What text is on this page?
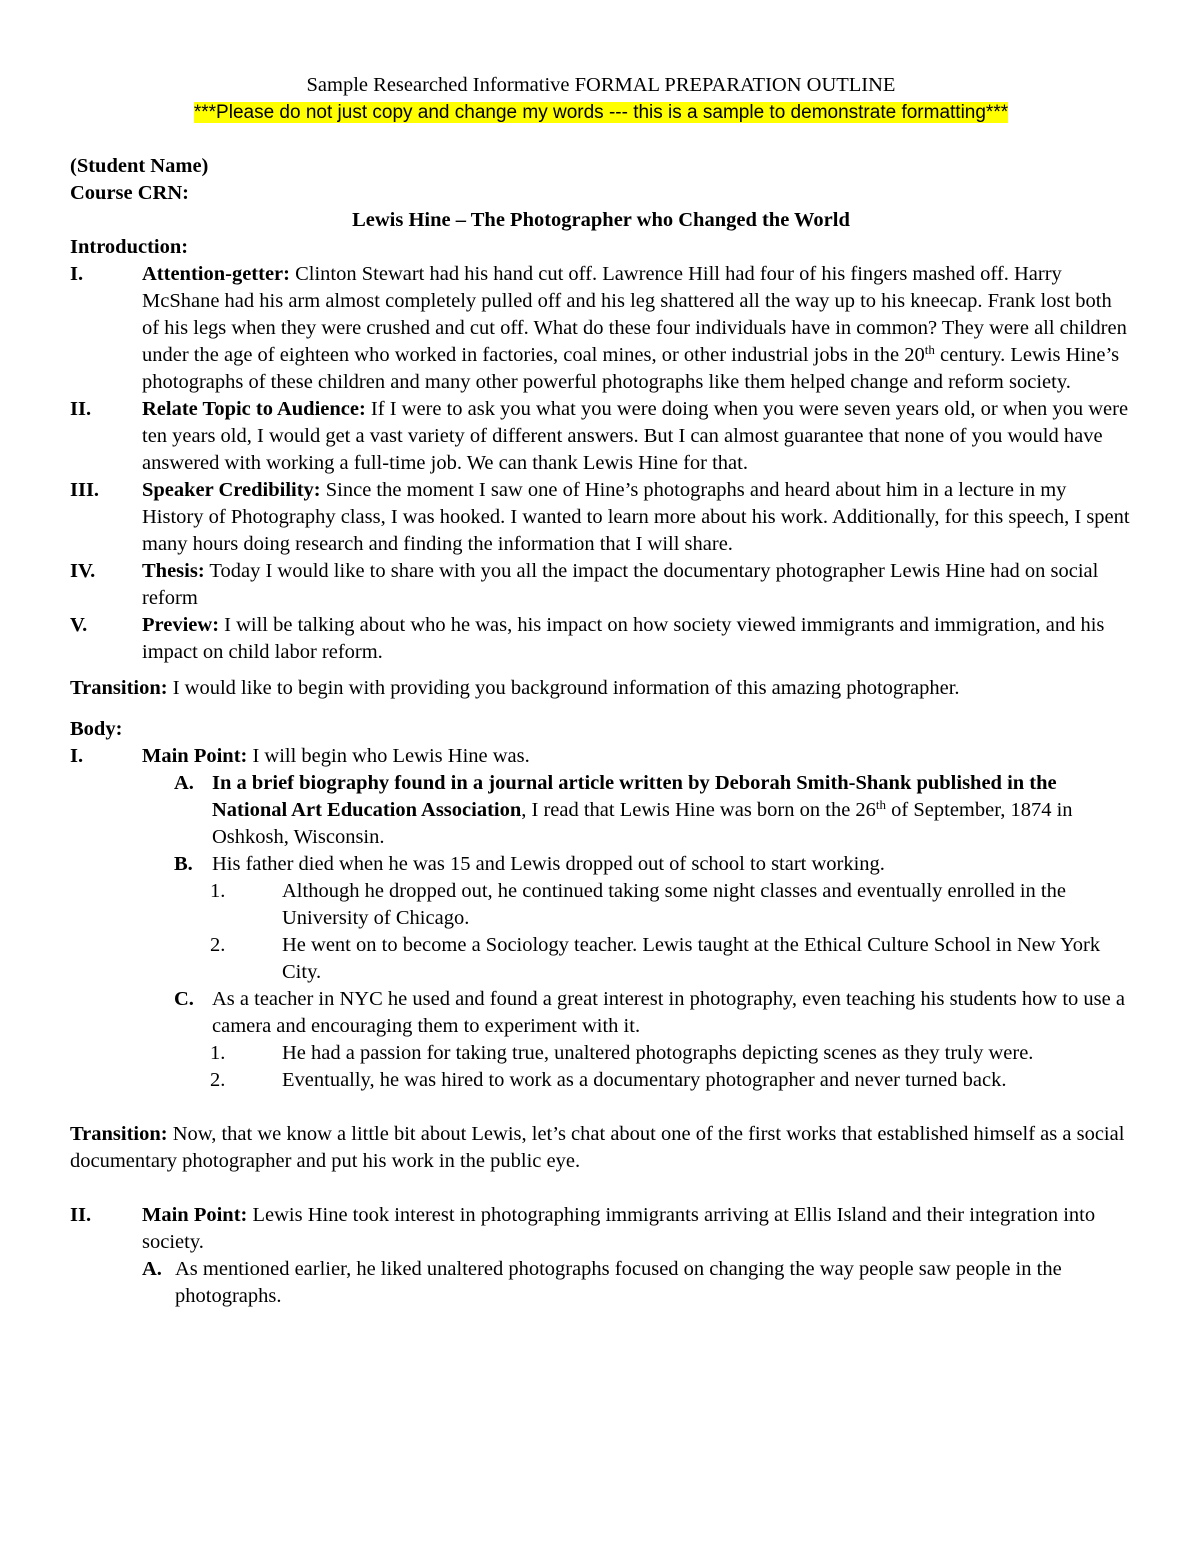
Sample Researched Informative FORMAL PREPARATION OUTLINE
***Please do not just copy and change my words --- this is a sample to demonstrate formatting***
(Student Name)
Course CRN:
Lewis Hine – The Photographer who Changed the World
Introduction:
I.	Attention-getter: Clinton Stewart had his hand cut off. Lawrence Hill had four of his fingers mashed off. Harry McShane had his arm almost completely pulled off and his leg shattered all the way up to his kneecap. Frank lost both of his legs when they were crushed and cut off. What do these four individuals have in common? They were all children under the age of eighteen who worked in factories, coal mines, or other industrial jobs in the 20th century. Lewis Hine’s photographs of these children and many other powerful photographs like them helped change and reform society.
II. Relate Topic to Audience: If I were to ask you what you were doing when you were seven years old, or when you were ten years old, I would get a vast variety of different answers. But I can almost guarantee that none of you would have answered with working a full-time job. We can thank Lewis Hine for that.
III. Speaker Credibility: Since the moment I saw one of Hine’s photographs and heard about him in a lecture in my History of Photography class, I was hooked. I wanted to learn more about his work. Additionally, for this speech, I spent many hours doing research and finding the information that I will share.
IV. Thesis: Today I would like to share with you all the impact the documentary photographer Lewis Hine had on social reform
V.	Preview: I will be talking about who he was, his impact on how society viewed immigrants and immigration, and his impact on child labor reform.
Transition: I would like to begin with providing you background information of this amazing photographer.
Body:
I.	Main Point: I will begin who Lewis Hine was.
A. In a brief biography found in a journal article written by Deborah Smith-Shank published in the National Art Education Association, I read that Lewis Hine was born on the 26th of September, 1874 in Oshkosh, Wisconsin.
B. His father died when he was 15 and Lewis dropped out of school to start working.
1.	Although he dropped out, he continued taking some night classes and eventually enrolled in the University of Chicago.
2.	He went on to become a Sociology teacher. Lewis taught at the Ethical Culture School in New York City.
C. As a teacher in NYC he used and found a great interest in photography, even teaching his students how to use a camera and encouraging them to experiment with it.
1.	He had a passion for taking true, unaltered photographs depicting scenes as they truly were.
2.	Eventually, he was hired to work as a documentary photographer and never turned back.
Transition: Now, that we know a little bit about Lewis, let’s chat about one of the first works that established himself as a social documentary photographer and put his work in the public eye.
II. Main Point: Lewis Hine took interest in photographing immigrants arriving at Ellis Island and their integration into society.
A. As mentioned earlier, he liked unaltered photographs focused on changing the way people saw people in the photographs.
